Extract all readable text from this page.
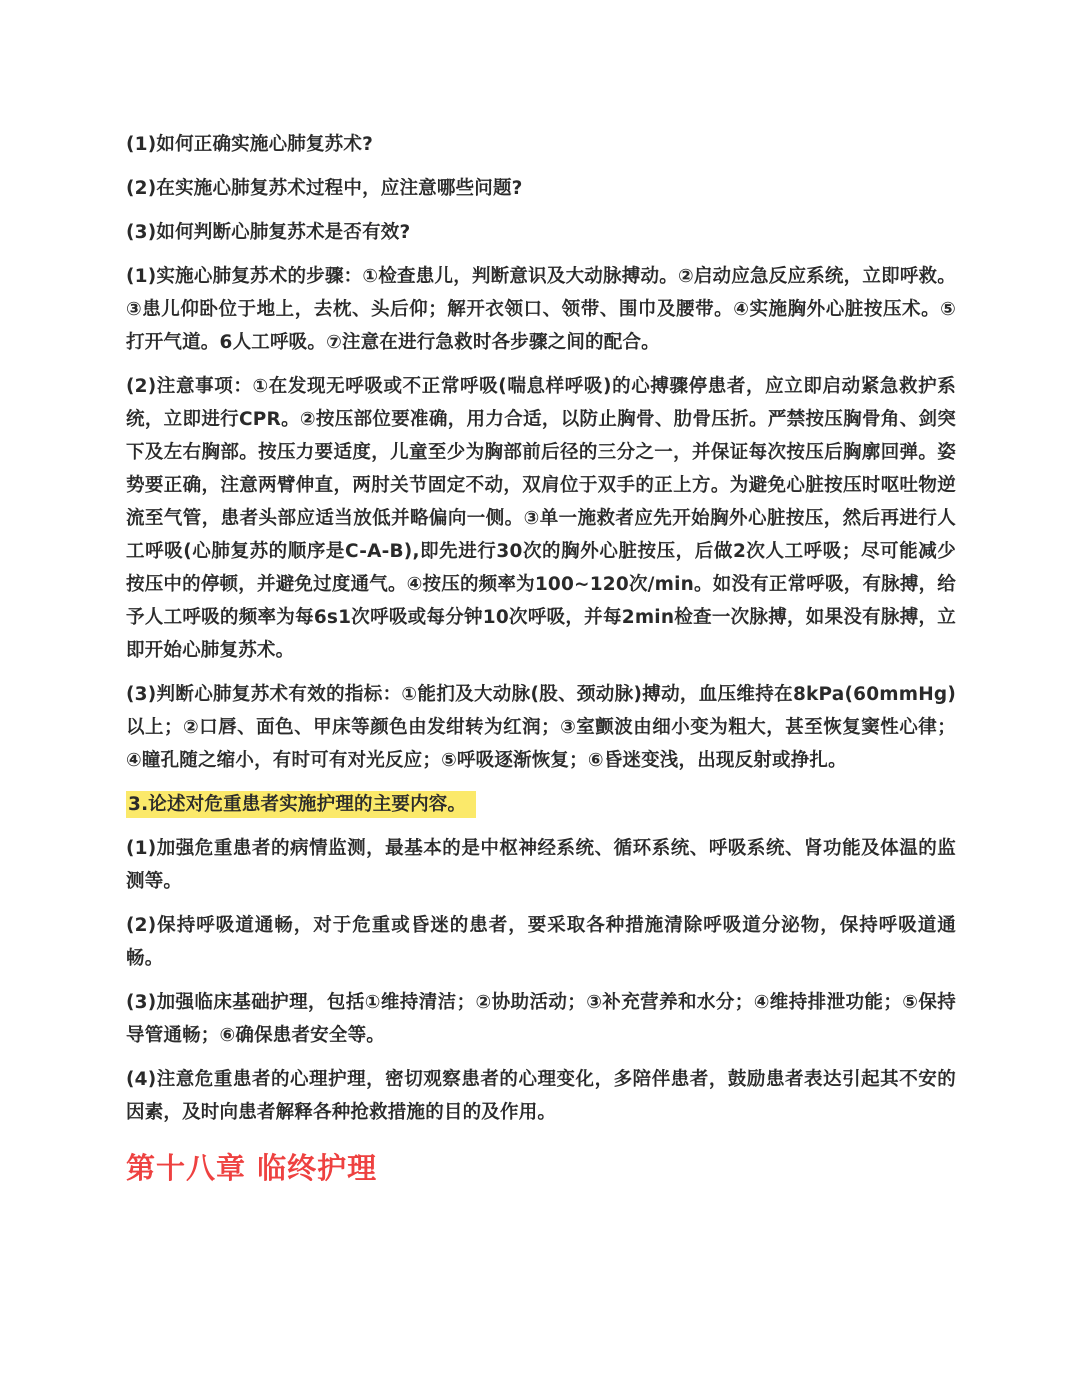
(1)如何正确实施心肺复苏术?
(2)在实施心肺复苏术过程中，应注意哪些问题?
(3)如何判断心肺复苏术是否有效?
(1)实施心肺复苏术的步骤：①检查患儿，判断意识及大动脉搏动。②启动应急反应系统，立即呼救。③患儿仰卧位于地上，去枕、头后仰；解开衣领口、领带、围巾及腰带。④实施胸外心脏按压术。⑤打开气道。6人工呼吸。⑦注意在进行急救时各步骤之间的配合。
(2)注意事项：①在发现无呼吸或不正常呼吸(喘息样呼吸)的心搏骤停患者，应立即启动紧急救护系统，立即进行CPR。②按压部位要准确，用力合适，以防止胸骨、肋骨压折。严禁按压胸骨角、剑突下及左右胸部。按压力要适度，儿童至少为胸部前后径的三分之一，并保证每次按压后胸廓回弹。姿势要正确，注意两臂伸直，两肘关节固定不动，双肩位于双手的正上方。为避免心脏按压时呕吐物逆流至气管，患者头部应适当放低并略偏向一侧。③单一施救者应先开始胸外心脏按压，然后再进行人工呼吸(心肺复苏的顺序是C-A-B),即先进行30次的胸外心脏按压，后做2次人工呼吸；尽可能减少按压中的停顿，并避免过度通气。④按压的频率为100~120次/min。如没有正常呼吸，有脉搏，给予人工呼吸的频率为每6s1次呼吸或每分钟10次呼吸，并每2min检查一次脉搏，如果没有脉搏，立即开始心肺复苏术。
(3)判断心肺复苏术有效的指标：①能扪及大动脉(股、颈动脉)搏动，血压维持在8kPa(60mmHg)以上；②口唇、面色、甲床等颜色由发绀转为红润；③室颤波由细小变为粗大，甚至恢复窦性心律；④瞳孔随之缩小，有时可有对光反应；⑤呼吸逐渐恢复；⑥昏迷变浅，出现反射或挣扎。
3.论述对危重患者实施护理的主要内容。
(1)加强危重患者的病情监测，最基本的是中枢神经系统、循环系统、呼吸系统、肾功能及体温的监测等。
(2)保持呼吸道通畅，对于危重或昏迷的患者，要采取各种措施清除呼吸道分泌物，保持呼吸道通畅。
(3)加强临床基础护理，包括①维持清洁；②协助活动；③补充营养和水分；④维持排泄功能；⑤保持导管通畅；⑥确保患者安全等。
(4)注意危重患者的心理护理，密切观察患者的心理变化，多陪伴患者，鼓励患者表达引起其不安的因素，及时向患者解释各种抢救措施的目的及作用。
第十八章 临终护理
